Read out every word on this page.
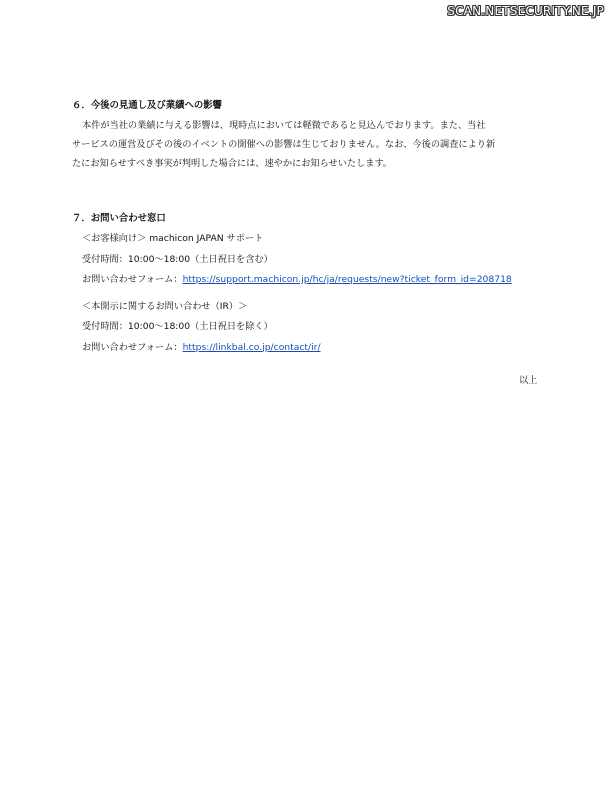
SCAN.NETSECURITY.NE.JP
６．今後の見通し及び業績への影響

本件が当社の業績に与える影響は、現時点においては軽微であると見込んでおります。また、当社

サービスの運営及びその後のイベントの開催への影響は生じておりません。なお、今後の調査により新

たにお知らせすべき事実が判明した場合には、速やかにお知らせいたします。

７．お問い合わせ窓口

＜お客様向け＞ machicon JAPAN サポート

受付時間：10:00〜18:00（土日祝日を含む）

お問い合わせフォーム：https://support.machicon.jp/hc/ja/requests/new?ticket_form_id=208718

＜本開示に関するお問い合わせ（IR）＞

受付時間：10:00〜18:00（土日祝日を除く）

お問い合わせフォーム：https://linkbal.co.jp/contact/ir/

以上
